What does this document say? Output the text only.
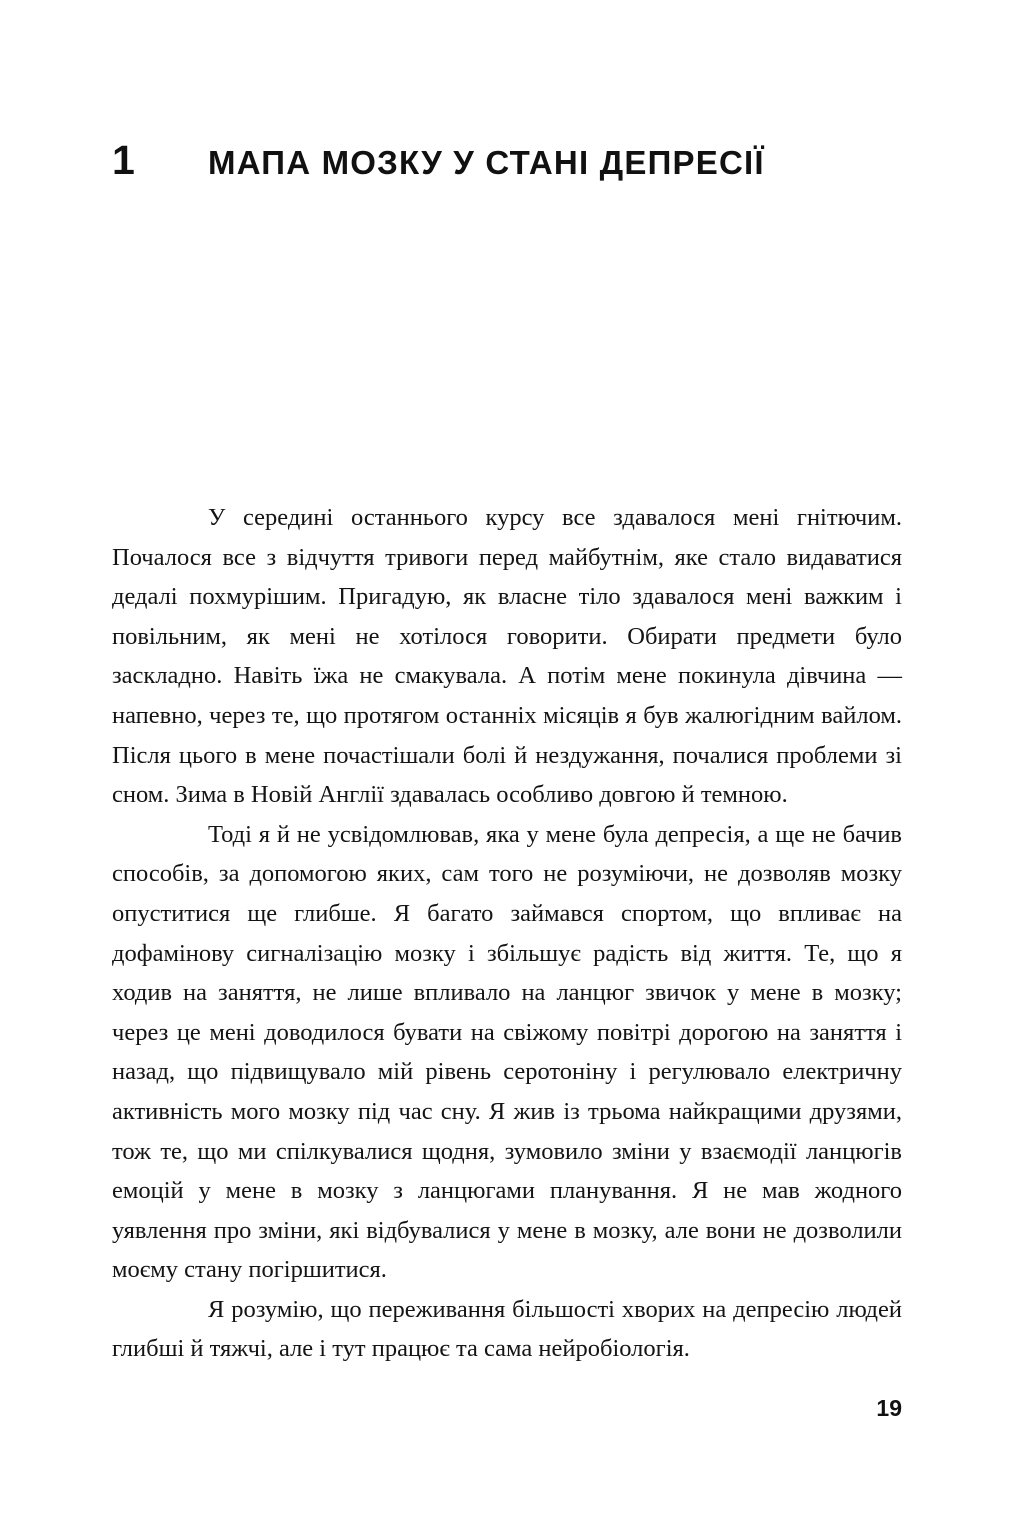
1	МАПА МОЗКУ У СТАНІ ДЕПРЕСІЇ

У середині останнього курсу все здавалося мені гнітючим. Почалося все з відчуття тривоги перед майбутнім, яке стало видаватися дедалі похмурішим. Пригадую, як власне тіло здавалося мені важким і повільним, як мені не хотілося говорити. Обирати предмети було заскладно. Навіть їжа не смакувала. А потім мене покинула дівчина — напевно, через те, що протягом останніх місяців я був жалюгідним вайлом. Після цього в мене почастішали болі й нездужання, почалися проблеми зі сном. Зима в Новій Англії здавалась особливо довгою й темною.

Тоді я й не усвідомлював, яка у мене була депресія, а ще не бачив способів, за допомогою яких, сам того не розуміючи, не дозволяв мозку опуститися ще глибше. Я багато займався спортом, що впливає на дофамінову сигналізацію мозку і збільшує радість від життя. Те, що я ходив на заняття, не лише впливало на ланцюг звичок у мене в мозку; через це мені доводилося бувати на свіжому повітрі дорогою на заняття і назад, що підвищувало мій рівень серотоніну і регулювало електричну активність мого мозку під час сну. Я жив із трьома найкращими друзями, тож те, що ми спілкувалися щодня, зумовило зміни у взаємодії ланцюгів емоцій у мене в мозку з ланцюгами планування. Я не мав жодного уявлення про зміни, які відбувалися у мене в мозку, але вони не дозволили моєму стану погіршитися.

Я розумію, що переживання більшості хворих на депресію людей глибші й тяжчі, але і тут працює та сама нейробіологія.

19
